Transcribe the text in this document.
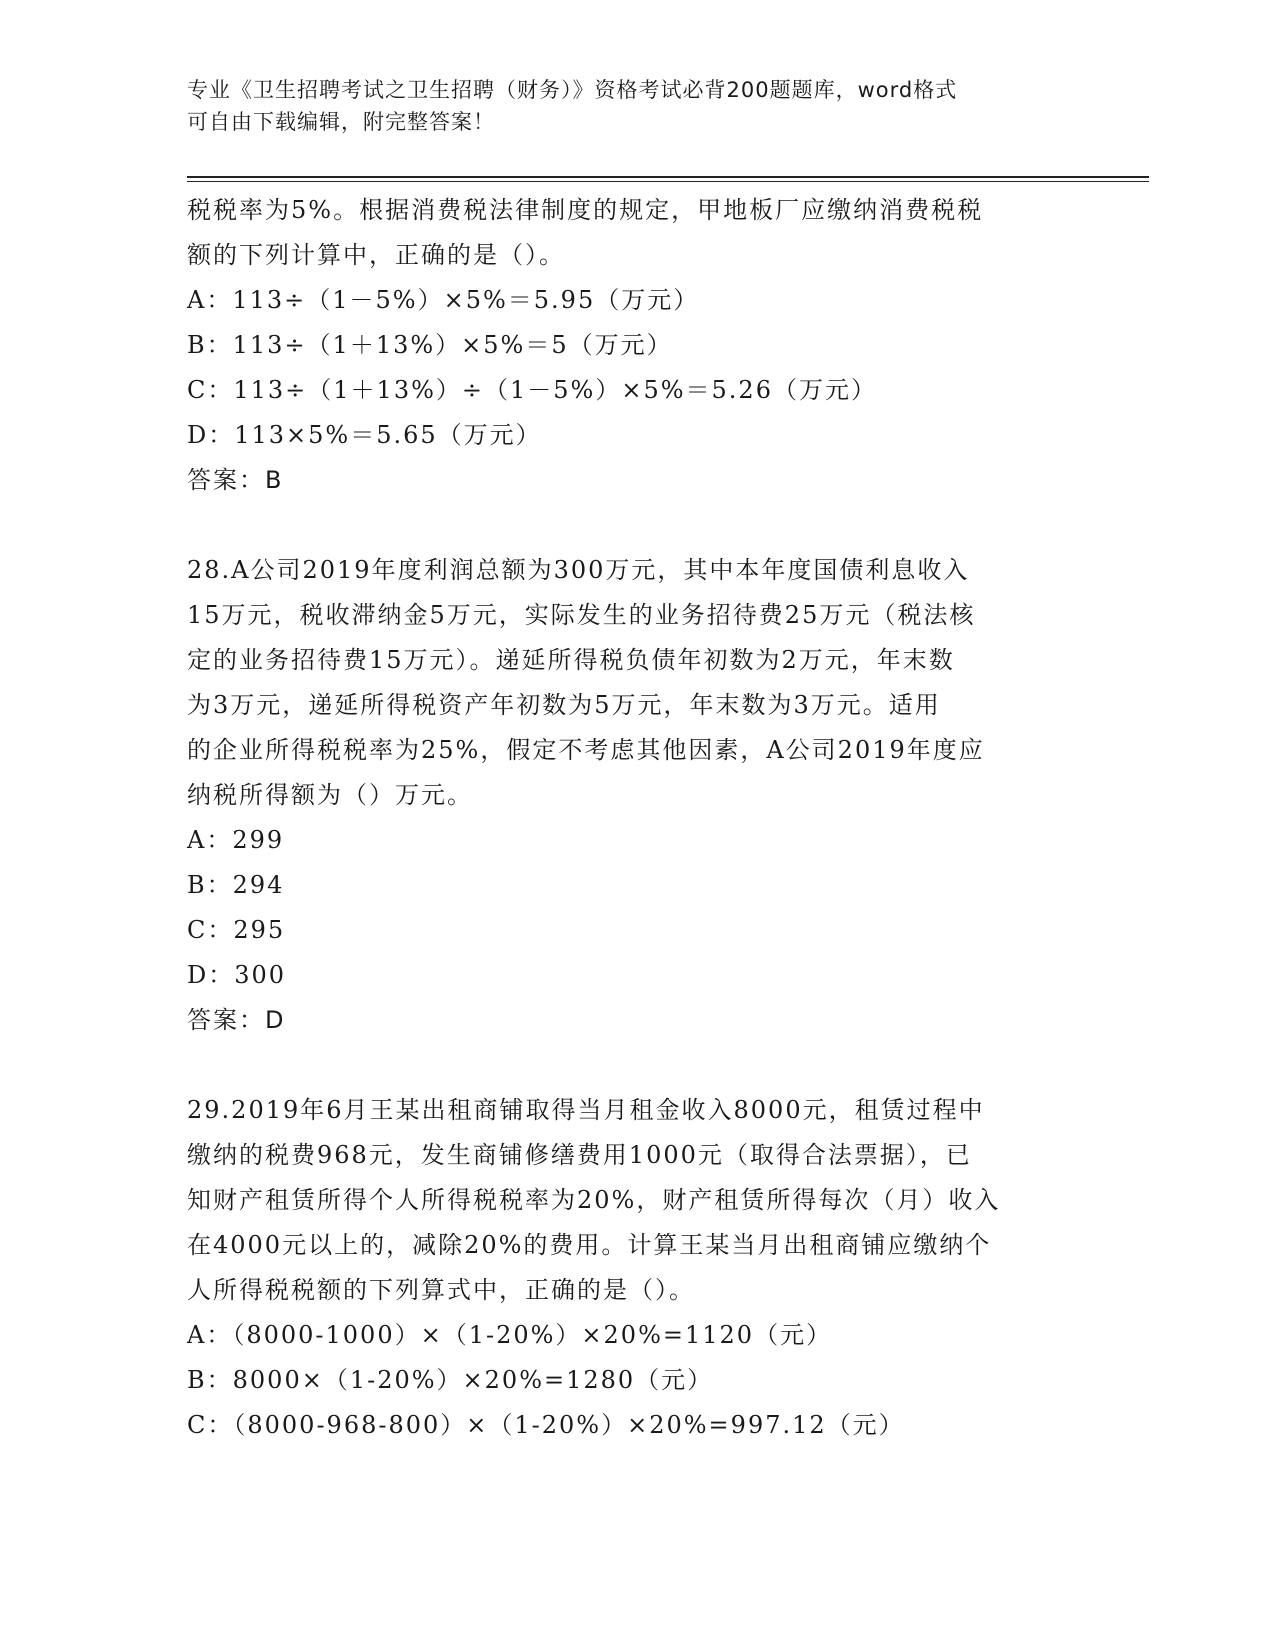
专业《卫生招聘考试之卫生招聘（财务）》资格考试必背200题题库，word格式
可自由下载编辑，附完整答案！

税税率为5%。根据消费税法律制度的规定，甲地板厂应缴纳消费税税

额的下列计算中，正确的是（）。

A：113÷（1－5%）×5%＝5.95（万元）

B：113÷（1＋13%）×5%＝5（万元）

C：113÷（1＋13%）÷（1－5%）×5%＝5.26（万元）

D：113×5%＝5.65（万元）

答案：B

28.A公司2019年度利润总额为300万元，其中本年度国债利息收入

15万元，税收滞纳金5万元，实际发生的业务招待费25万元（税法核

定的业务招待费15万元）。递延所得税负债年初数为2万元，年末数

为3万元，递延所得税资产年初数为5万元，年末数为3万元。适用

的企业所得税税率为25%，假定不考虑其他因素，A公司2019年度应

纳税所得额为（）万元。

A：299

B：294

C：295

D：300

答案：D

29.2019年6月王某出租商铺取得当月租金收入8000元，租赁过程中

缴纳的税费968元，发生商铺修缮费用1000元（取得合法票据），已

知财产租赁所得个人所得税税率为20%，财产租赁所得每次（月）收入

在4000元以上的，减除20%的费用。计算王某当月出租商铺应缴纳个

人所得税税额的下列算式中，正确的是（）。

A：（8000-1000）×（1-20%）×20%=1120（元）

B：8000×（1-20%）×20%=1280（元）

C：（8000-968-800）×（1-20%）×20%=997.12（元）
